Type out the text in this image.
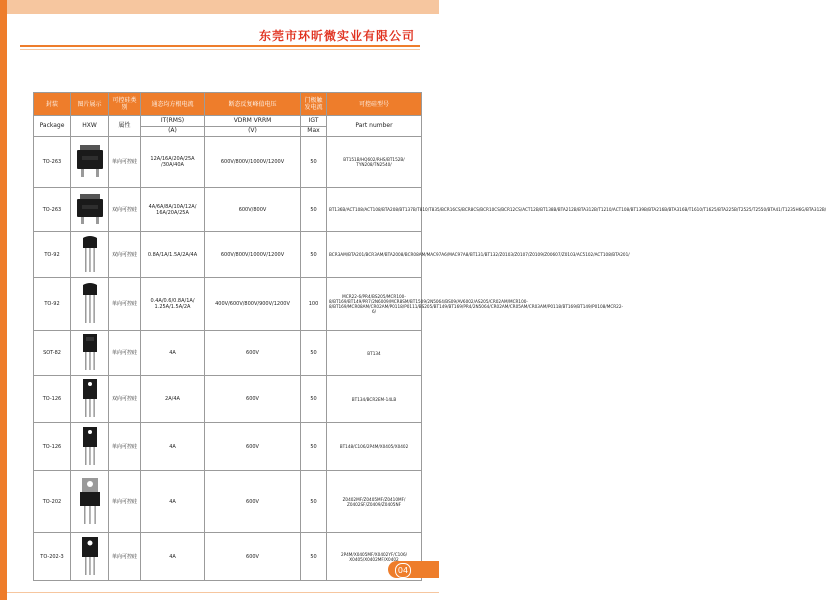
东莞市环昕微实业有限公司
封装	图片展示	可控硅类别	通态均方根电流	断态反复峰值电压	门极触发电流	可控硅型号
Package	HXW	属性	IT(RMS)	VDRM VRRM	IGT	Part number
			(A)	(V)	Max	
TO-263		单向可控硅	12A/16A/20A/25A /30A/40A	600V/800V/1000V/1200V	50	BT151B/HQ602/RHS/BT152B/ TYN208/TN2540/
TO-263		双向可控硅	4A/6A/8A/10A/12A/ 16A/20A/25A	600V/800V	50	BT136B/ACT108/ACT108/BTA208/BT137B/T810/T835/BCR16CS/BCR8CS/BCR10CS/BCR12CS/ACT12B/BT138B/BTA212B/BTA312B/T1210/ACT108/BT139B/BTA216B/BTA316B/T1610/T1625/BTA225B/T2525/T2550/BTA41/T1235H6G/BTA312B/
TO-92		双向可控硅	0.8A/1A/1.5A/2A/4A	600V/800V/1000V/1200V	50	BCR3AM/BTA201/BCR3AM/BTA2008/BCR08AM/MAC97A6/MAC97A8/BT131/BT132/Z0103/Z0107/Z0109/Z00607/Z0103/AC5102/ACT108/BTA201/
TO-92		单向可控硅	0.4A/0.6/0.8A/1A/ 1.25A/1.5A/2A	400V/600V/800V/900V/1200V	100	MCR22-6/PR4/BS205/MCR100-8/BT169/BT149/PR7/2N6009/MCR8SM/BT1509/2N5064/BS09/AV6002/AS205/CR02AM/MCR100-8/BT169/MCR08AM/CR02AM/P0118/P0111/BS205/BT149/BT169/PR4/2N5064/CR02AM/CR05AM/CR03AM/P0118/BT169/BT149/P0108/MCR22-6/
SOT-82		单向可控硅	4A	600V	50	BT134
TO-126		双向可控硅	2A/4A	600V	50	BT134/BCR2EM-14LB
TO-126		单向可控硅	4A	600V	50	BT148/C106/2P4M/X0405/X0402
TO-202		单向可控硅	4A	600V	50	Z0402MF/Z0405MF/Z0410MF/ Z0402SF/Z0409/Z0405NF
TO-202-3		单向可控硅	4A	600V	50	2P4M/X0405MF/X0402YF/C106/ X0405/X0402MF/X0402
04
